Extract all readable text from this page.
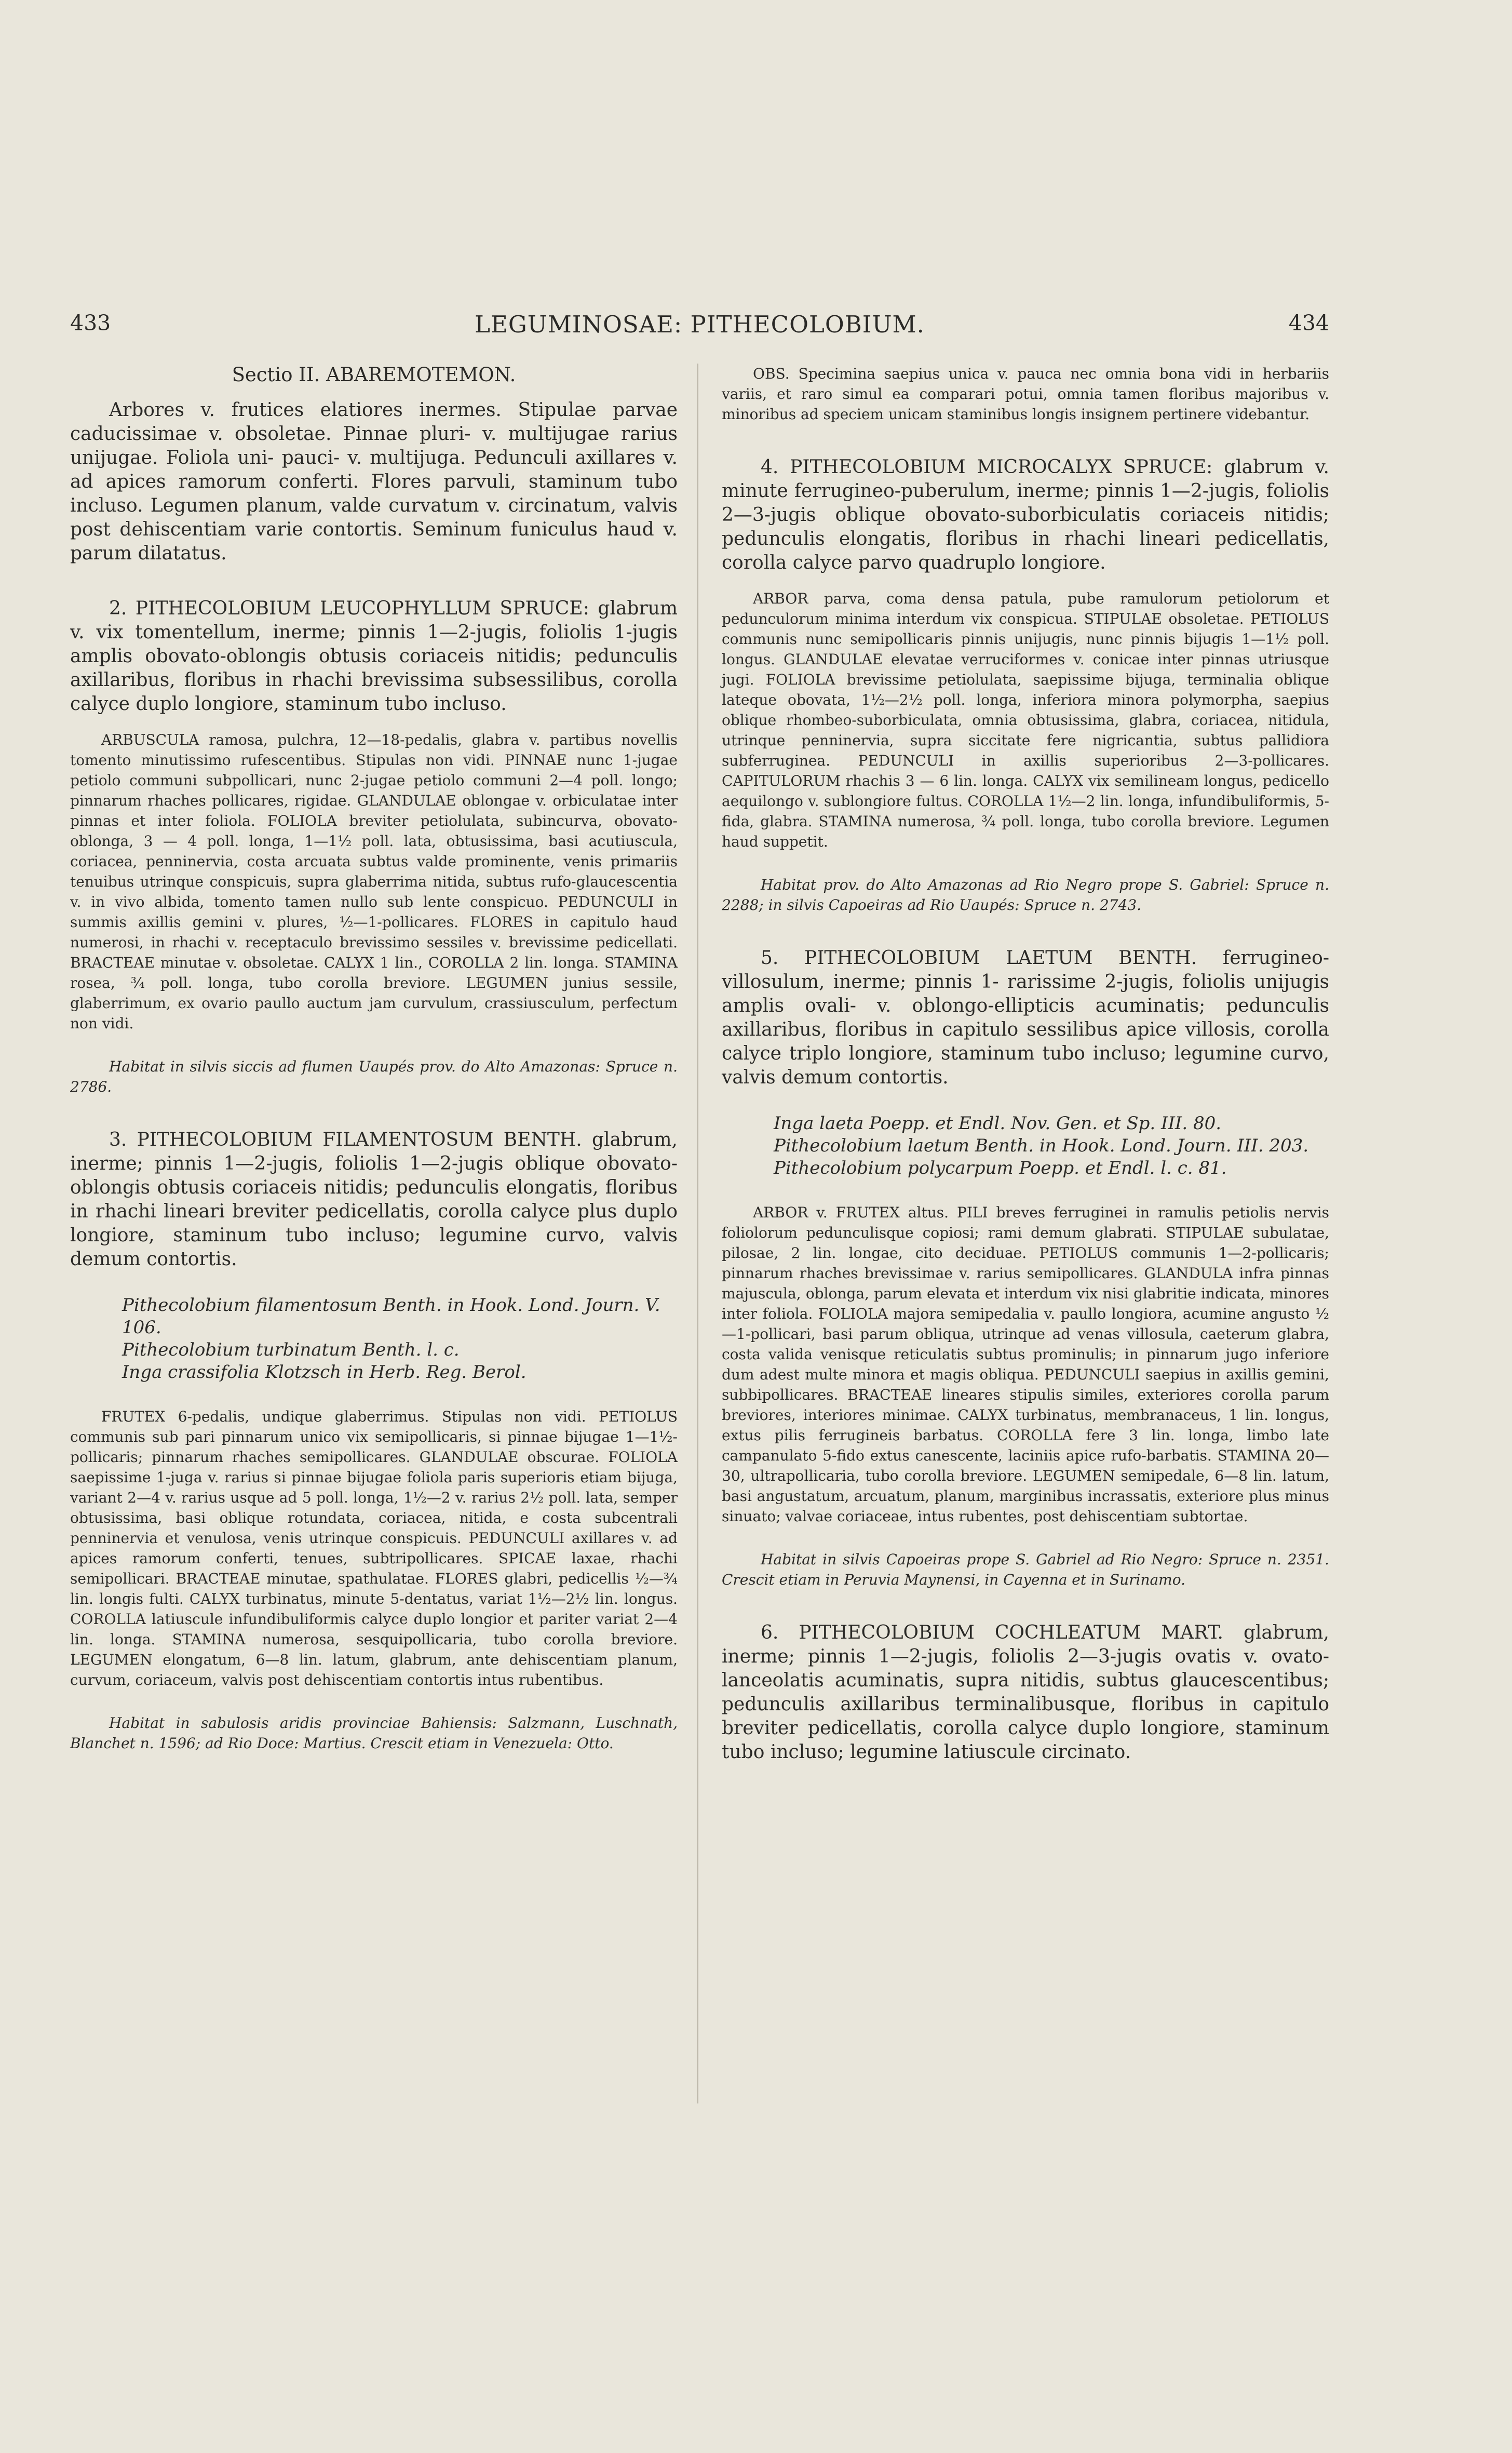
433	LEGUMINOSAE: PITHECOLOBIUM.	434
Sectio II. ABAREMOTEMON.

Arbores v. frutices elatiores inermes. Stipulae parvae caducissimae v. obsoletae. Pinnae pluri- v. multijugae rarius unijugae. Foliola uni- pauci- v. multijuga. Pedunculi axillares v. ad apices ramorum conferti. Flores parvuli, staminum tubo incluso. Legumen planum, valde curvatum v. circinatum, valvis post dehiscentiam varie contortis. Seminum funiculus haud v. parum dilatatus.

2. PITHECOLOBIUM LEUCOPHYLLUM SPRUCE: glabrum v. vix tomentellum, inerme; pinnis 1—2-jugis, foliolis 1-jugis amplis obovato-oblongis obtusis coriaceis nitidis; pedunculis axillaribus, floribus in rhachi brevissima subsessilibus, corolla calyce duplo longiore, staminum tubo incluso.

ARBUSCULA ramosa, pulchra, 12—18-pedalis, glabra v. partibus novellis tomento minutissimo rufescentibus. Stipulas non vidi. PINNAE nunc 1-jugae petiolo communi subpollicari, nunc 2-jugae petiolo communi 2—4 poll. longo; pinnarum rhaches pollicares, rigidae. GLANDULAE oblongae v. orbiculatae inter pinnas et inter foliola. FOLIOLA breviter petiolulata, subincurva, obovato-oblonga, 3 — 4 poll. longa, 1—1½ poll. lata, obtusissima, basi acutiuscula, coriacea, penninervia, costa arcuata subtus valde prominente, venis primariis tenuibus utrinque conspicuis, supra glaberrima nitida, subtus rufo-glaucescentia v. in vivo albida, tomento tamen nullo sub lente conspicuo. PEDUNCULI in summis axillis gemini v. plures, ½—1-pollicares. FLORES in capitulo haud numerosi, in rhachi v. receptaculo brevissimo sessiles v. brevissime pedicellati. BRACTEAE minutae v. obsoletae. CALYX 1 lin., COROLLA 2 lin. longa. STAMINA rosea, ¾ poll. longa, tubo corolla breviore. LEGUMEN junius sessile, glaberrimum, ex ovario paullo auctum jam curvulum, crassiusculum, perfectum non vidi.

Habitat in silvis siccis ad flumen Uaupés prov. do Alto Amazonas: Spruce n. 2786.

3. PITHECOLOBIUM FILAMENTOSUM BENTH. glabrum, inerme; pinnis 1—2-jugis, foliolis 1—2-jugis oblique obovato-oblongis obtusis coriaceis nitidis; pedunculis elongatis, floribus in rhachi lineari breviter pedicellatis, corolla calyce plus duplo longiore, staminum tubo incluso; legumine curvo, valvis demum contortis.

Pithecolobium filamentosum Benth. in Hook. Lond. Journ. V. 106.

Pithecolobium turbinatum Benth. l. c.

Inga crassifolia Klotzsch in Herb. Reg. Berol.

FRUTEX 6-pedalis, undique glaberrimus. Stipulas non vidi. PETIOLUS communis sub pari pinnarum unico vix semipollicaris, si pinnae bijugae 1—1½-pollicaris; pinnarum rhaches semipollicares. GLANDULAE obscurae. FOLIOLA saepissime 1-juga v. rarius si pinnae bijugae foliola paris superioris etiam bijuga, variant 2—4 v. rarius usque ad 5 poll. longa, 1½—2 v. rarius 2½ poll. lata, semper obtusissima, basi oblique rotundata, coriacea, nitida, e costa subcentrali penninervia et venulosa, venis utrinque conspicuis. PEDUNCULI axillares v. ad apices ramorum conferti, tenues, subtripollicares. SPICAE laxae, rhachi semipollicari. BRACTEAE minutae, spathulatae. FLORES glabri, pedicellis ½—¾ lin. longis fulti. CALYX turbinatus, minute 5-dentatus, variat 1½—2½ lin. longus. COROLLA latiuscule infundibuliformis calyce duplo longior et pariter variat 2—4 lin. longa. STAMINA numerosa, sesquipollicaria, tubo corolla breviore. LEGUMEN elongatum, 6—8 lin. latum, glabrum, ante dehiscentiam planum, curvum, coriaceum, valvis post dehiscentiam contortis intus rubentibus.

Habitat in sabulosis aridis provinciae Bahiensis: Salzmann, Luschnath, Blanchet n. 1596; ad Rio Doce: Martius. Crescit etiam in Venezuela: Otto.

OBS. Specimina saepius unica v. pauca nec omnia bona vidi in herbariis variis, et raro simul ea comparari potui, omnia tamen floribus majoribus v. minoribus ad speciem unicam staminibus longis insignem pertinere videbantur.

4. PITHECOLOBIUM MICROCALYX SPRUCE: glabrum v. minute ferrugineo-puberulum, inerme; pinnis 1—2-jugis, foliolis 2—3-jugis oblique obovato-suborbiculatis coriaceis nitidis; pedunculis elongatis, floribus in rhachi lineari pedicellatis, corolla calyce parvo quadruplo longiore.

ARBOR parva, coma densa patula, pube ramulorum petiolorum et pedunculorum minima interdum vix conspicua. STIPULAE obsoletae. PETIOLUS communis nunc semipollicaris pinnis unijugis, nunc pinnis bijugis 1—1½ poll. longus. GLANDULAE elevatae verruciformes v. conicae inter pinnas utriusque jugi. FOLIOLA brevissime petiolulata, saepissime bijuga, terminalia oblique lateque obovata, 1½—2½ poll. longa, inferiora minora polymorpha, saepius oblique rhombeo-suborbiculata, omnia obtusissima, glabra, coriacea, nitidula, utrinque penninervia, supra siccitate fere nigricantia, subtus pallidiora subferruginea. PEDUNCULI in axillis superioribus 2—3-pollicares. CAPITULORUM rhachis 3 — 6 lin. longa. CALYX vix semilineam longus, pedicello aequilongo v. sublongiore fultus. COROLLA 1½—2 lin. longa, infundibuliformis, 5-fida, glabra. STAMINA numerosa, ¾ poll. longa, tubo corolla breviore. Legumen haud suppetit.

Habitat prov. do Alto Amazonas ad Rio Negro prope S. Gabriel: Spruce n. 2288; in silvis Capoeiras ad Rio Uaupés: Spruce n. 2743.

5. PITHECOLOBIUM LAETUM BENTH. ferrugineo-villosulum, inerme; pinnis 1- rarissime 2-jugis, foliolis unijugis amplis ovali- v. oblongo-ellipticis acuminatis; pedunculis axillaribus, floribus in capitulo sessilibus apice villosis, corolla calyce triplo longiore, staminum tubo incluso; legumine curvo, valvis demum contortis.

Inga laeta Poepp. et Endl. Nov. Gen. et Sp. III. 80.

Pithecolobium laetum Benth. in Hook. Lond. Journ. III. 203.

Pithecolobium polycarpum Poepp. et Endl. l. c. 81.

ARBOR v. FRUTEX altus. PILI breves ferruginei in ramulis petiolis nervis foliolorum pedunculisque copiosi; rami demum glabrati. STIPULAE subulatae, pilosae, 2 lin. longae, cito deciduae. PETIOLUS communis 1—2-pollicaris; pinnarum rhaches brevissimae v. rarius semipollicares. GLANDULA infra pinnas majuscula, oblonga, parum elevata et interdum vix nisi glabritie indicata, minores inter foliola. FOLIOLA majora semipedalia v. paullo longiora, acumine angusto ½—1-pollicari, basi parum obliqua, utrinque ad venas villosula, caeterum glabra, costa valida venisque reticulatis subtus prominulis; in pinnarum jugo inferiore dum adest multe minora et magis obliqua. PEDUNCULI saepius in axillis gemini, subbipollicares. BRACTEAE lineares stipulis similes, exteriores corolla parum breviores, interiores minimae. CALYX turbinatus, membranaceus, 1 lin. longus, extus pilis ferrugineis barbatus. COROLLA fere 3 lin. longa, limbo late campanulato 5-fido extus canescente, laciniis apice rufo-barbatis. STAMINA 20—30, ultrapollicaria, tubo corolla breviore. LEGUMEN semipedale, 6—8 lin. latum, basi angustatum, arcuatum, planum, marginibus incrassatis, exteriore plus minus sinuato; valvae coriaceae, intus rubentes, post dehiscentiam subtortae.

Habitat in silvis Capoeiras prope S. Gabriel ad Rio Negro: Spruce n. 2351. Crescit etiam in Peruvia Maynensi, in Cayenna et in Surinamo.

6. PITHECOLOBIUM COCHLEATUM MART. glabrum, inerme; pinnis 1—2-jugis, foliolis 2—3-jugis ovatis v. ovato-lanceolatis acuminatis, supra nitidis, subtus glaucescentibus; pedunculis axillaribus terminalibusque, floribus in capitulo breviter pedicellatis, corolla calyce duplo longiore, staminum tubo incluso; legumine latiuscule circinato.
